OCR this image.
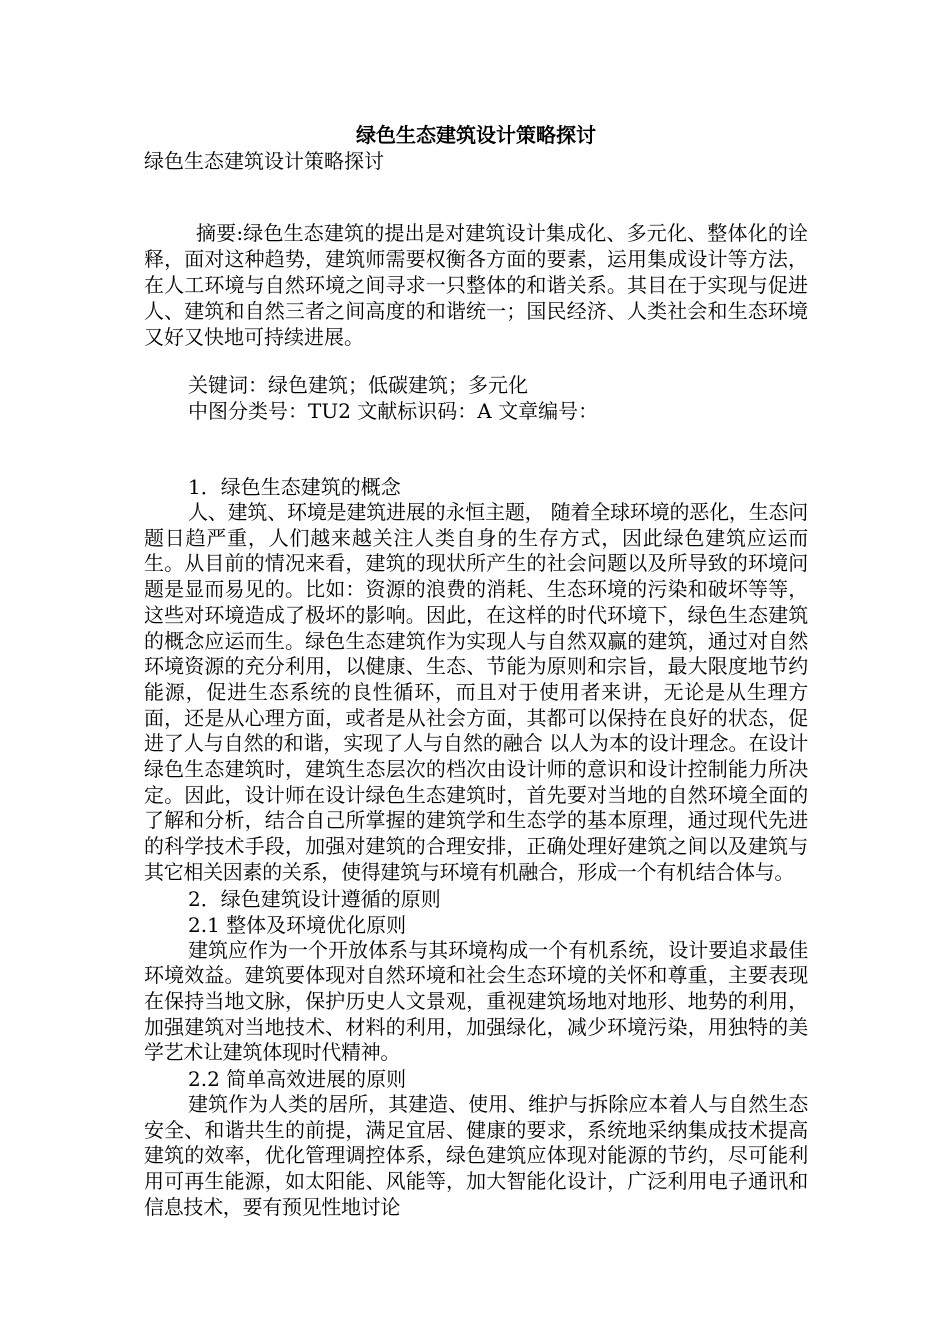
绿色生态建筑设计策略探讨

绿色生态建筑设计策略探讨

摘要:绿色生态建筑的提出是对建筑设计集成化、多元化、整体化的诠释，面对这种趋势，建筑师需要权衡各方面的要素，运用集成设计等方法，在人工环境与自然环境之间寻求一只整体的和谐关系。其目在于实现与促进人、建筑和自然三者之间高度的和谐统一；国民经济、人类社会和生态环境又好又快地可持续进展。

关键词：绿色建筑；低碳建筑；多元化

中图分类号：TU2 文献标识码：A 文章编号：

1．绿色生态建筑的概念

人、建筑、环境是建筑进展的永恒主题， 随着全球环境的恶化，生态问题日趋严重，人们越来越关注人类自身的生存方式，因此绿色建筑应运而生。从目前的情况来看，建筑的现状所产生的社会问题以及所导致的环境问题是显而易见的。比如：资源的浪费的消耗、生态环境的污染和破坏等等，这些对环境造成了极坏的影响。因此，在这样的时代环境下，绿色生态建筑的概念应运而生。绿色生态建筑作为实现人与自然双赢的建筑，通过对自然环境资源的充分利用，以健康、生态、节能为原则和宗旨，最大限度地节约能源，促进生态系统的良性循环，而且对于使用者来讲，无论是从生理方面，还是从心理方面，或者是从社会方面，其都可以保持在良好的状态，促进了人与自然的和谐，实现了人与自然的融合 以人为本的设计理念。在设计绿色生态建筑时，建筑生态层次的档次由设计师的意识和设计控制能力所决定。因此，设计师在设计绿色生态建筑时，首先要对当地的自然环境全面的了解和分析，结合自己所掌握的建筑学和生态学的基本原理，通过现代先进的科学技术手段，加强对建筑的合理安排，正确处理好建筑之间以及建筑与其它相关因素的关系，使得建筑与环境有机融合，形成一个有机结合体与。

2．绿色建筑设计遵循的原则

2.1 整体及环境优化原则

建筑应作为一个开放体系与其环境构成一个有机系统，设计要追求最佳环境效益。建筑要体现对自然环境和社会生态环境的关怀和尊重，主要表现在保持当地文脉，保护历史人文景观，重视建筑场地对地形、地势的利用，加强建筑对当地技术、材料的利用，加强绿化，减少环境污染，用独特的美学艺术让建筑体现时代精神。

2.2 简单高效进展的原则

建筑作为人类的居所，其建造、使用、维护与拆除应本着人与自然生态安全、和谐共生的前提，满足宜居、健康的要求，系统地采纳集成技术提高建筑的效率，优化管理调控体系，绿色建筑应体现对能源的节约，尽可能利用可再生能源，如太阳能、风能等，加大智能化设计，广泛利用电子通讯和信息技术，要有预见性地讨论
